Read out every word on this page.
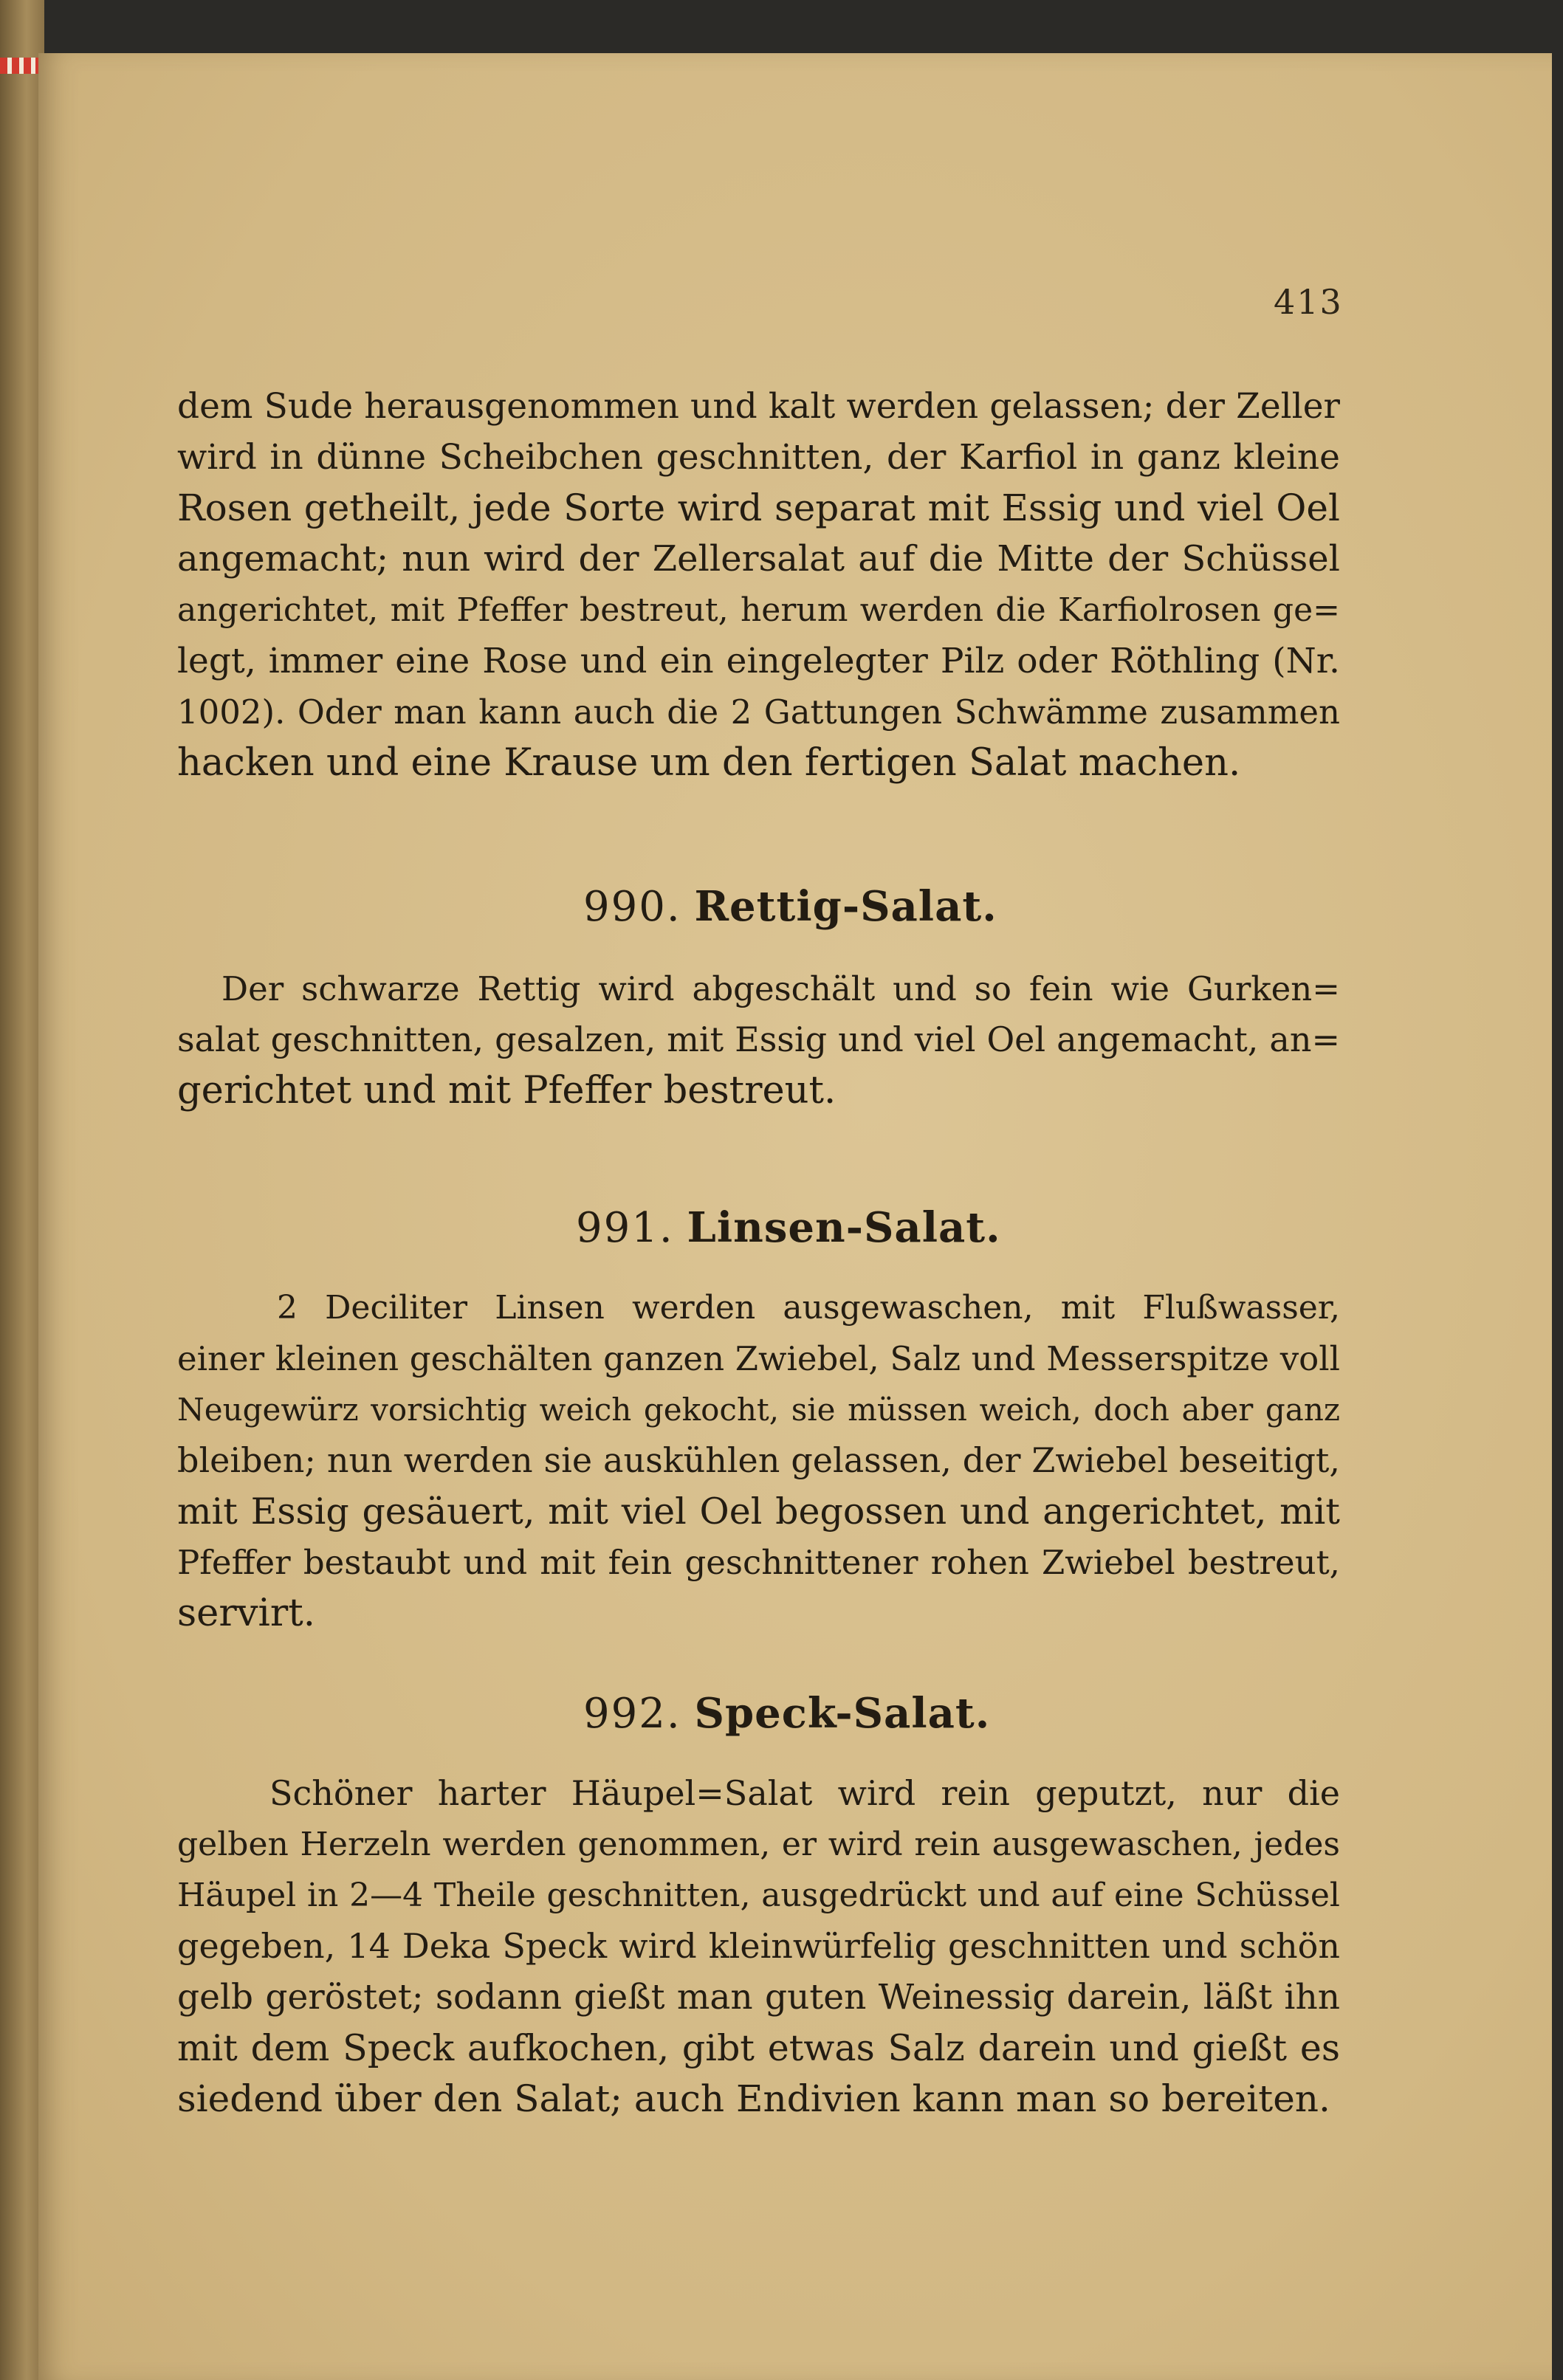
413
dem Sude herausgenommen und kalt werden gelassen; der Zeller
wird in dünne Scheibchen geschnitten, der Karfiol in ganz kleine
Rosen getheilt, jede Sorte wird separat mit Essig und viel Oel
angemacht; nun wird der Zellersalat auf die Mitte der Schüssel
angerichtet, mit Pfeffer bestreut, herum werden die Karfiolrosen ge=
legt, immer eine Rose und ein eingelegter Pilz oder Röthling (Nr.
1002). Oder man kann auch die 2 Gattungen Schwämme zusammen
hacken und eine Krause um den fertigen Salat machen.
990. Rettig-Salat.
Der schwarze Rettig wird abgeschält und so fein wie Gurken=
salat geschnitten, gesalzen, mit Essig und viel Oel angemacht, an=
gerichtet und mit Pfeffer bestreut.
991. Linsen-Salat.
2 Deciliter Linsen werden ausgewaschen, mit Flußwasser,
einer kleinen geschälten ganzen Zwiebel, Salz und Messerspitze voll
Neugewürz vorsichtig weich gekocht, sie müssen weich, doch aber ganz
bleiben; nun werden sie auskühlen gelassen, der Zwiebel beseitigt,
mit Essig gesäuert, mit viel Oel begossen und angerichtet, mit
Pfeffer bestaubt und mit fein geschnittener rohen Zwiebel bestreut,
servirt.
992. Speck-Salat.
Schöner harter Häupel=Salat wird rein geputzt, nur die
gelben Herzeln werden genommen, er wird rein ausgewaschen, jedes
Häupel in 2—4 Theile geschnitten, ausgedrückt und auf eine Schüssel
gegeben, 14 Deka Speck wird kleinwürfelig geschnitten und schön
gelb geröstet; sodann gießt man guten Weinessig darein, läßt ihn
mit dem Speck aufkochen, gibt etwas Salz darein und gießt es
siedend über den Salat; auch Endivien kann man so bereiten.
